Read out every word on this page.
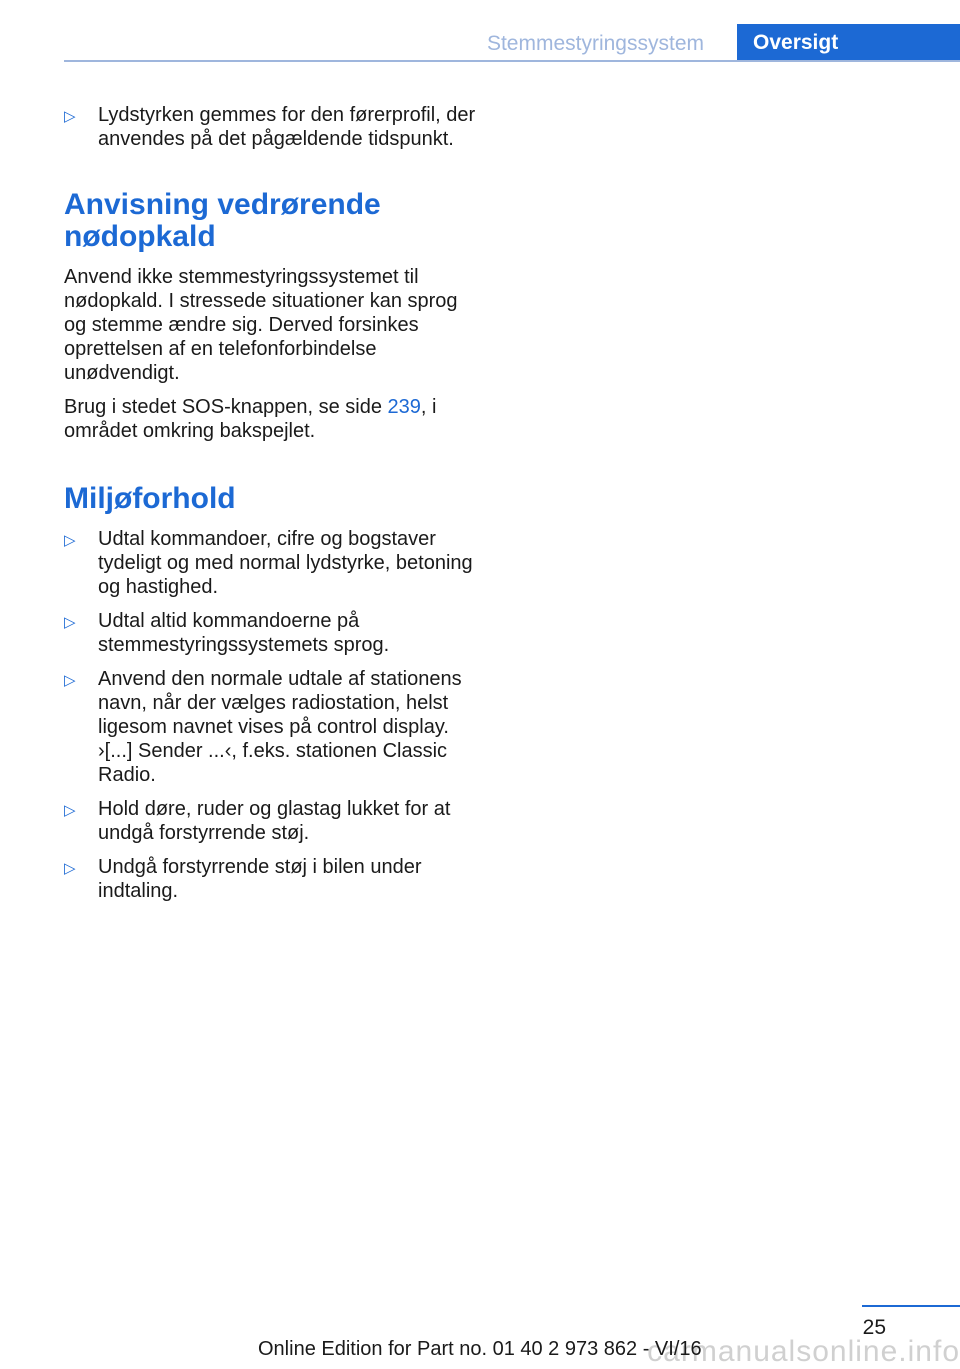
Stemmestyringssystem	Oversigt
▷ Lydstyrken gemmes for den førerprofil, der anvendes på det pågældende tidspunkt.

Anvisning vedrørende nødopkald

Anvend ikke stemmestyringssystemet til nødopkald. I stressede situationer kan sprog og stemme ændre sig. Derved forsinkes oprettelsen af en telefonforbindelse unødvendigt.

Brug i stedet SOS-knappen, se side 239, i området omkring bakspejlet.

Miljøforhold
▷ Udtal kommandoer, cifre og bogstaver tydeligt og med normal lydstyrke, betoning og hastighed.

▷ Udtal altid kommandoerne på stemmestyringssystemets sprog.

▷ Anvend den normale udtale af stationens navn, når der vælges radiostation, helst ligesom navnet vises på control display.

›[...] Sender ...‹, f.eks. stationen Classic Radio.

▷ Hold døre, ruder og glastag lukket for at undgå forstyrrende støj.

▷ Undgå forstyrrende støj i bilen under indtaling.

25
carmanualsonline.info
Online Edition for Part no. 01 40 2 973 862 - VI/16
